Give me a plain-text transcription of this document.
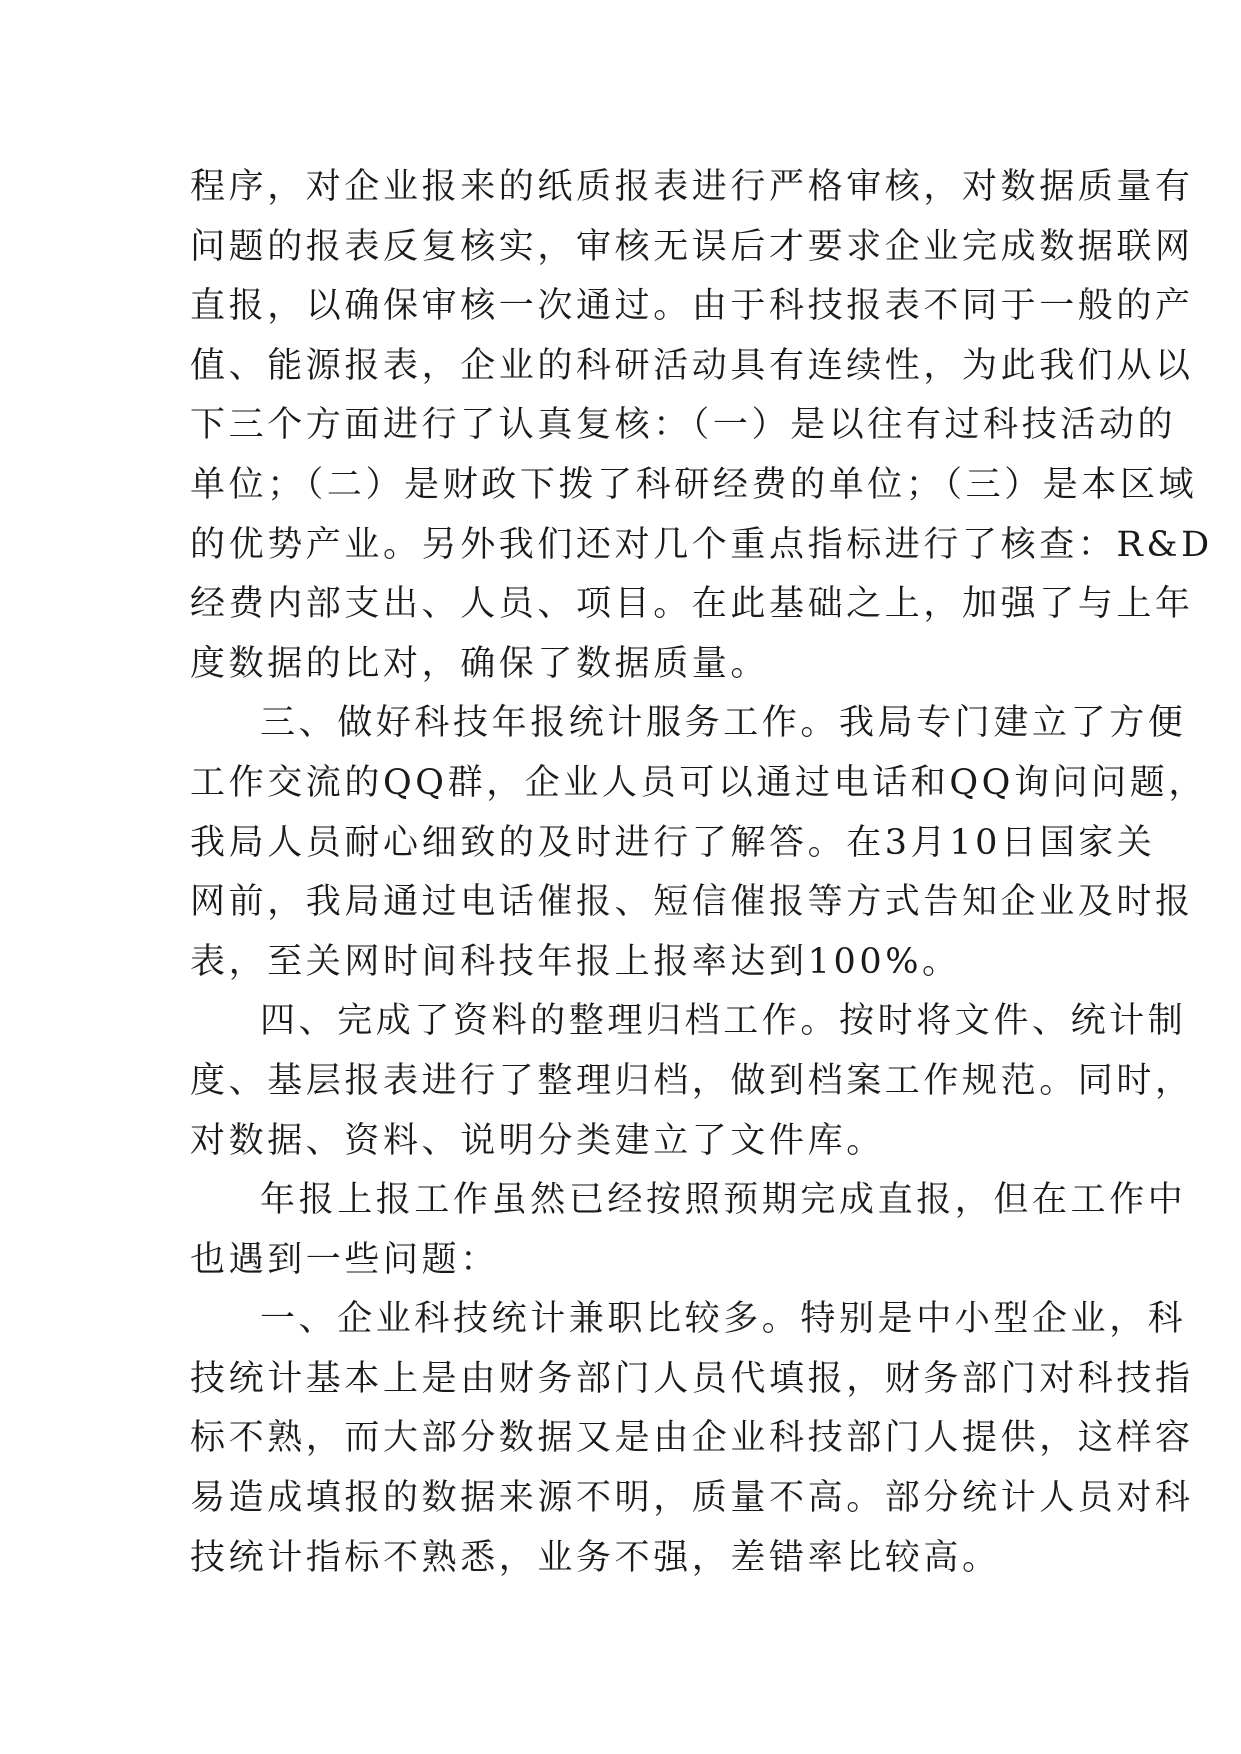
程序，对企业报来的纸质报表进行严格审核，对数据质量有
问题的报表反复核实，审核无误后才要求企业完成数据联网
直报，以确保审核一次通过。由于科技报表不同于一般的产
值、能源报表，企业的科研活动具有连续性，为此我们从以
下三个方面进行了认真复核：（一）是以往有过科技活动的
单位；（二）是财政下拨了科研经费的单位；（三）是本区域
的优势产业。另外我们还对几个重点指标进行了核查：R&D
经费内部支出、人员、项目。在此基础之上，加强了与上年
度数据的比对，确保了数据质量。
三、做好科技年报统计服务工作。我局专门建立了方便
工作交流的QQ群，企业人员可以通过电话和QQ询问问题，
我局人员耐心细致的及时进行了解答。在3月10日国家关
网前，我局通过电话催报、短信催报等方式告知企业及时报
表，至关网时间科技年报上报率达到100%。
四、完成了资料的整理归档工作。按时将文件、统计制
度、基层报表进行了整理归档，做到档案工作规范。同时，
对数据、资料、说明分类建立了文件库。
年报上报工作虽然已经按照预期完成直报，但在工作中
也遇到一些问题：
一、企业科技统计兼职比较多。特别是中小型企业，科
技统计基本上是由财务部门人员代填报，财务部门对科技指
标不熟，而大部分数据又是由企业科技部门人提供，这样容
易造成填报的数据来源不明，质量不高。部分统计人员对科
技统计指标不熟悉，业务不强，差错率比较高。
